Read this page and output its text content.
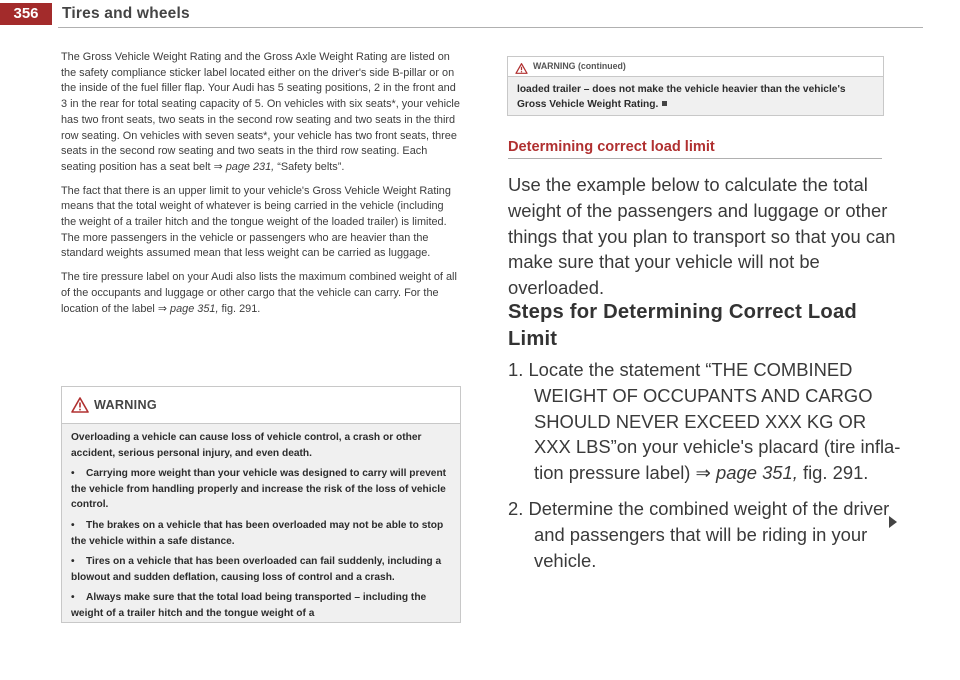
356	Tires and wheels

The Gross Vehicle Weight Rating and the Gross Axle Weight Rating are listed on the safety compliance sticker label located either on the driver's side B-pillar or on the inside of the fuel filler flap. Your Audi has 5 seating positions, 2 in the front and 3 in the rear for total seating capacity of 5. On vehicles with six seats*, your vehicle has two front seats, two seats in the second row seating and two seats in the third row seating. On vehicles with seven seats*, your vehicle has two front seats, three seats in the second row seating and two seats in the third row seating. Each seating position has a seat belt ⇒ page 231, “Safety belts”.

The fact that there is an upper limit to your vehicle's Gross Vehicle Weight Rating means that the total weight of whatever is being carried in the vehicle (including the weight of a trailer hitch and the tongue weight of the loaded trailer) is limited. The more passengers in the vehicle or passengers who are heavier than the standard weights assumed mean that less weight can be carried as luggage.

The tire pressure label on your Audi also lists the maximum combined weight of all of the occupants and luggage or other cargo that the vehicle can carry. For the location of the label ⇒ page 351, fig. 291.

WARNING

Overloading a vehicle can cause loss of vehicle control, a crash or other accident, serious personal injury, and even death.

• Carrying more weight than your vehicle was designed to carry will prevent the vehicle from handling properly and increase the risk of the loss of vehicle control.

• The brakes on a vehicle that has been overloaded may not be able to stop the vehicle within a safe distance.

• Tires on a vehicle that has been overloaded can fail suddenly, including a blowout and sudden deflation, causing loss of control and a crash.

• Always make sure that the total load being transported – including the weight of a trailer hitch and the tongue weight of a

WARNING (continued)
loaded trailer – does not make the vehicle heavier than the vehicle's Gross Vehicle Weight Rating.
Determining correct load limit
Use the example below to calculate the total weight of the passengers and luggage or other things that you plan to transport so that you can make sure that your vehicle will not be overloaded.
Steps for Determining Correct Load Limit
1. Locate the statement “THE COMBINED WEIGHT OF OCCUPANTS AND CARGO SHOULD NEVER EXCEED XXX KG OR XXX LBS”on your vehicle's placard (tire infla-tion pressure label) ⇒ page 351, fig. 291.
2. Determine the combined weight of the driver and passengers that will be riding in your vehicle.
